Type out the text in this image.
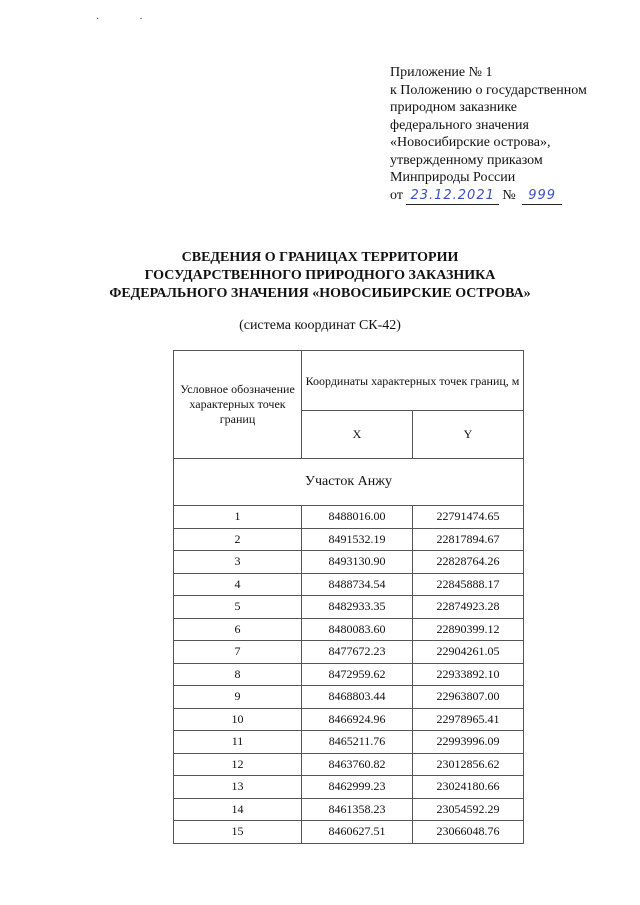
··
Приложение № 1
к Положению о государственном
природном заказнике
федерального значения
«Новосибирские острова»,
утвержденному приказом
Минприроды России
от 23.12.2021 № 999
СВЕДЕНИЯ О ГРАНИЦАХ ТЕРРИТОРИИ
ГОСУДАРСТВЕННОГО ПРИРОДНОГО ЗАКАЗНИКА
ФЕДЕРАЛЬНОГО ЗНАЧЕНИЯ «НОВОСИБИРСКИЕ ОСТРОВА»
(система координат СК-42)
Условное обозначение характерных точек границ	Координаты характерных точек границ, м	
	X	Y
Участок Анжу		
1	8488016.00	22791474.65
2	8491532.19	22817894.67
3	8493130.90	22828764.26
4	8488734.54	22845888.17
5	8482933.35	22874923.28
6	8480083.60	22890399.12
7	8477672.23	22904261.05
8	8472959.62	22933892.10
9	8468803.44	22963807.00
10	8466924.96	22978965.41
11	8465211.76	22993996.09
12	8463760.82	23012856.62
13	8462999.23	23024180.66
14	8461358.23	23054592.29
15	8460627.51	23066048.76
